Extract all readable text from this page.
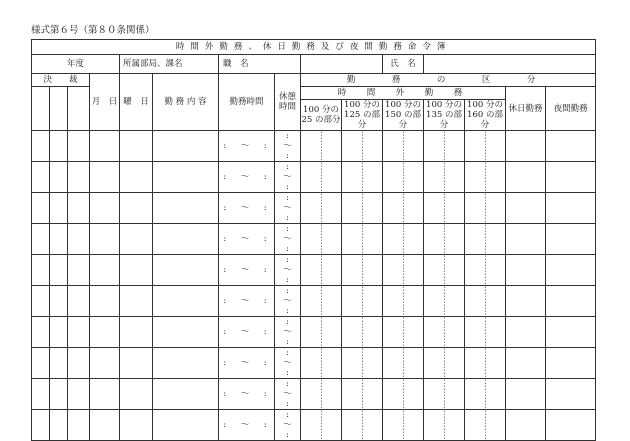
様式第６号（第８０条関係）
時間外勤務、休日勤務及び夜間勤務命令簿														
年度				所属部局、課名		職　名				氏　名				
決　　裁			月　日	曜　日	勤 務 内 容	勤務時間	休憩時間	勤　務　の　区　分						
								時　間　外　勤　務					休日勤務	夜間勤務
								100 分の 25 の部分	100 分の 125 の部分	100 分の 150 の部分	100 分の 135 の部分	100 分の 160 の部分		
						:　〜　:	:
〜
:							
						:　〜　:	:
〜
:							
						:　〜　:	:
〜
:							
						:　〜　:	:
〜
:							
						:　〜　:	:
〜
:							
						:　〜　:	:
〜
:							
						:　〜　:	:
〜
:							
						:　〜　:	:
〜
:							
						:　〜　:	:
〜
:							
						:　〜　:	:
〜
:							
